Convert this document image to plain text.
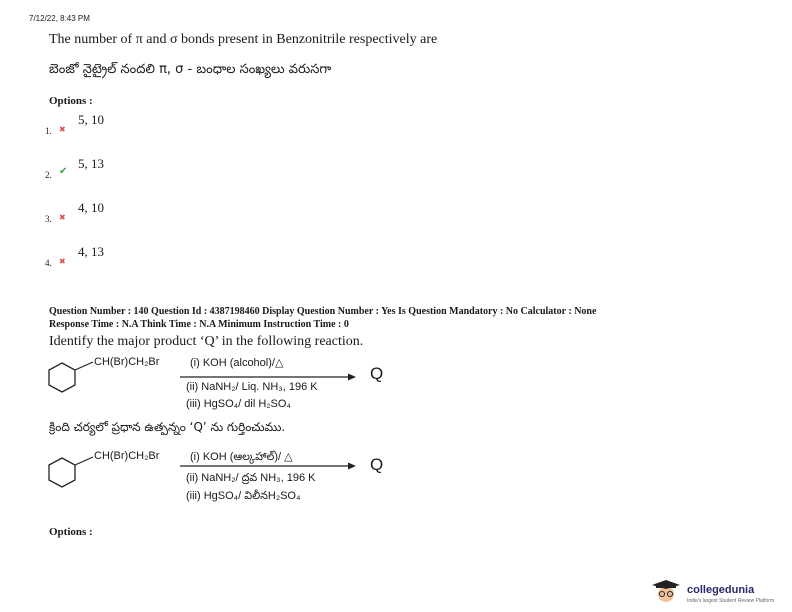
7/12/22, 8:43 PM
The number of π and σ bonds present in Benzonitrile respectively are
బెంజో నైట్రైల్ నందలి π, σ - బంధాల సంఖ్యలు వరుసగా
Options :
1. ✖
5, 10
2. ✔
5, 13
3. ✖
4, 10
4. ✖
4, 13
Question Number : 140 Question Id : 4387198460 Display Question Number : Yes Is Question Mandatory : No Calculator : None
Response Time : N.A Think Time : N.A Minimum Instruction Time : 0
Identify the major product ‘Q’ in the following reaction.
CH(Br)CH₂Br	(i) KOH (alcohol)/△
(ii) NaNH₂/ Liq. NH₃, 196 K
(iii) HgSO₄/ dil H₂SO₄
Q
క్రింది చర్యలో ప్రధాన ఉత్పన్నం ‘Q’ ను గుర్తించుము.
CH(Br)CH₂Br	(i) KOH (ఆల్కహాల్)/ △
(ii) NaNH₂/ ద్రవ NH₃, 196 K
(iii) HgSO₄/ విలీనH₂SO₄
Q
Options :
collegedunia
India's largest Student Review Platform
